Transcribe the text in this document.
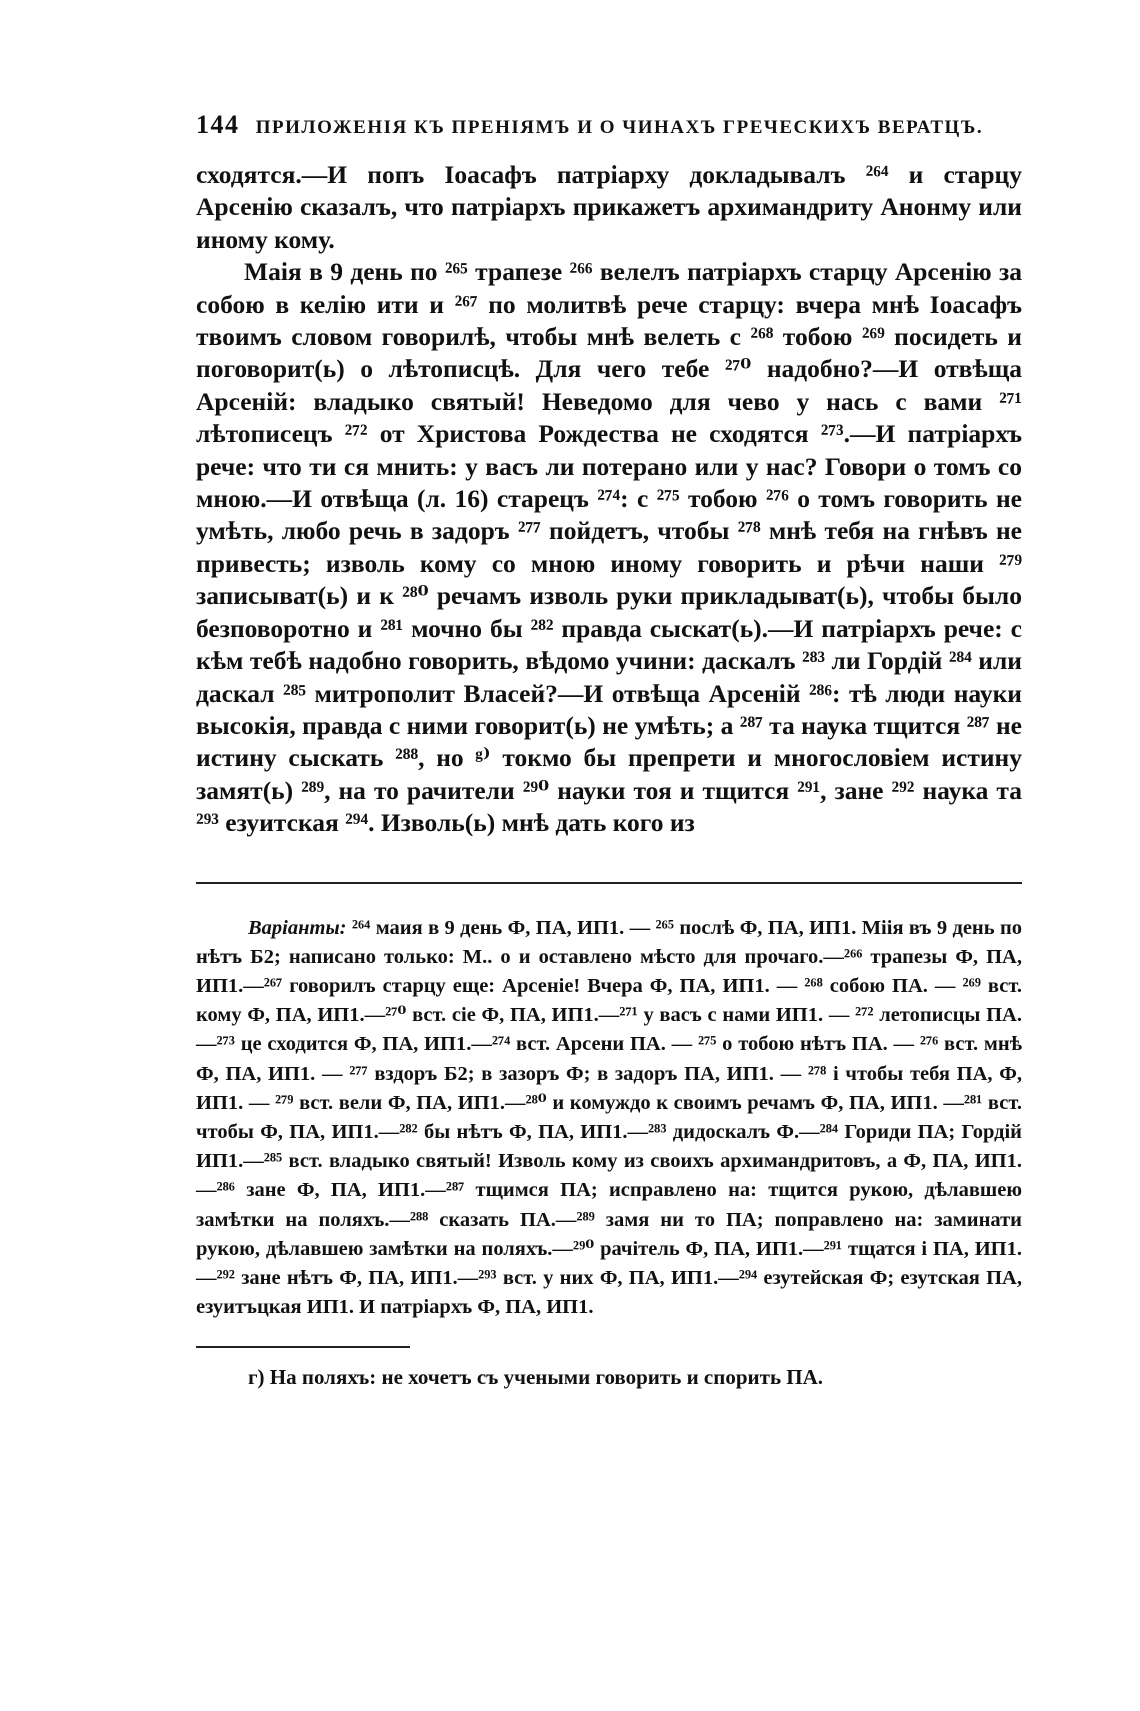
144 ПРИЛОЖЕНІЯ КЪ ПРЕНІЯМЪ И О ЧИНАХЪ ГРЕЧЕСКИХЪ ВЕРАТЦЪ.

сходятся.—И попъ Іоасафъ патріарху докладывалъ ²⁶⁴ и старцу Арсенію сказалъ, что патріархъ прикажетъ архимандриту Анонму или иному кому.

Маія в 9 день по ²⁶⁵ трапезе ²⁶⁶ велелъ патріархъ старцу Арсенію за собою в келію ити и ²⁶⁷ по молитвѣ рече старцу: вчера мнѣ Іоасафъ твоимъ словом говорилѣ, чтобы мнѣ велеть с ²⁶⁸ тобою ²⁶⁹ посидеть и поговорит(ь) о лѣтописцѣ. Для чего тебе ²⁷⁰ надобно?—И отвѣща Арсеній: владыко святый! Неведомо для чево у нась с вами ²⁷¹ лѣтописецъ ²⁷² от Христова Рождества не сходятся ²⁷³.—И патріархъ рече: что ти ся мнить: у васъ ли потерано или у нас? Говори о томъ со мною.—И отвѣща (л. 16) старецъ ²⁷⁴: с ²⁷⁵ тобою ²⁷⁶ о томъ говорить не умѣть, любо речь в задоръ ²⁷⁷ пойдетъ, чтобы ²⁷⁸ мнѣ тебя на гнѣвъ не привесть; изволь кому со мною иному говорить и рѣчи наши ²⁷⁹ записыват(ь) и к ²⁸⁰ речамъ изволь руки прикладыват(ь), чтобы было безповоротно и ²⁸¹ мочно бы ²⁸² правда сыскат(ь).—И патріархъ рече: с кѣм тебѣ надобно говорить, вѣдомо учини: даскалъ ²⁸³ ли Гордій ²⁸⁴ или даскал ²⁸⁵ митрополит Власей?—И отвѣща Арсеній ²⁸⁶: тѣ люди науки высокія, правда с ними говорит(ь) не умѣть; а ²⁸⁷ та наука тщится ²⁸⁷ не истину сыскать ²⁸⁸, но ᵍ⁾ токмо бы препрети и многословіем истину замят(ь) ²⁸⁹, на то рачители ²⁹⁰ науки тоя и тщится ²⁹¹, зане ²⁹² наука та ²⁹³ езуитская ²⁹⁴. Изволь(ь) мнѣ дать кого из

Варіанты: ²⁶⁴ маия в 9 день Ф, ПА, ИП1. — ²⁶⁵ послѣ Ф, ПА, ИП1. Міія въ 9 день по нѣтъ Б2; написано только: М.. о и оставлено мѣсто для прочаго.—²⁶⁶ трапезы Ф, ПА, ИП1.—²⁶⁷ говорилъ старцу еще: Арсеніе! Вчера Ф, ПА, ИП1. — ²⁶⁸ собою ПА. — ²⁶⁹ вст. кому Ф, ПА, ИП1.—²⁷⁰ вст. сіе Ф, ПА, ИП1.—²⁷¹ у васъ с нами ИП1. — ²⁷² летописцы ПА.—²⁷³ це сходится Ф, ПА, ИП1.—²⁷⁴ вст. Арсени ПА. — ²⁷⁵ о тобою нѣтъ ПА. — ²⁷⁶ вст. мнѣ Ф, ПА, ИП1. — ²⁷⁷ вздоръ Б2; в зазоръ Ф; в задоръ ПА, ИП1. — ²⁷⁸ і чтобы тебя ПА, Ф, ИП1. — ²⁷⁹ вст. вели Ф, ПА, ИП1.—²⁸⁰ и комуждо к своимъ речамъ Ф, ПА, ИП1. —²⁸¹ вст. чтобы Ф, ПА, ИП1.—²⁸² бы нѣтъ Ф, ПА, ИП1.—²⁸³ дидоскалъ Ф.—²⁸⁴ Гориди ПА; Гордій ИП1.—²⁸⁵ вст. владыко святый! Изволь кому из своихъ архимандритовъ, а Ф, ПА, ИП1.—²⁸⁶ зане Ф, ПА, ИП1.—²⁸⁷ тщимся ПА; исправлено на: тщится рукою, дѣлавшею замѣтки на поляхъ.—²⁸⁸ сказать ПА.—²⁸⁹ замя ни то ПА; поправлено на: заминати рукою, дѣлавшею замѣтки на поляхъ.—²⁹⁰ рачітель Ф, ПА, ИП1.—²⁹¹ тщатся і ПА, ИП1.—²⁹² зане нѣтъ Ф, ПА, ИП1.—²⁹³ вст. у них Ф, ПА, ИП1.—²⁹⁴ езутейская Ф; езутская ПА, езуитъцкая ИП1. И патріархъ Ф, ПА, ИП1.

г) На поляхъ: не хочетъ съ учеными говорить и спорить ПА.
